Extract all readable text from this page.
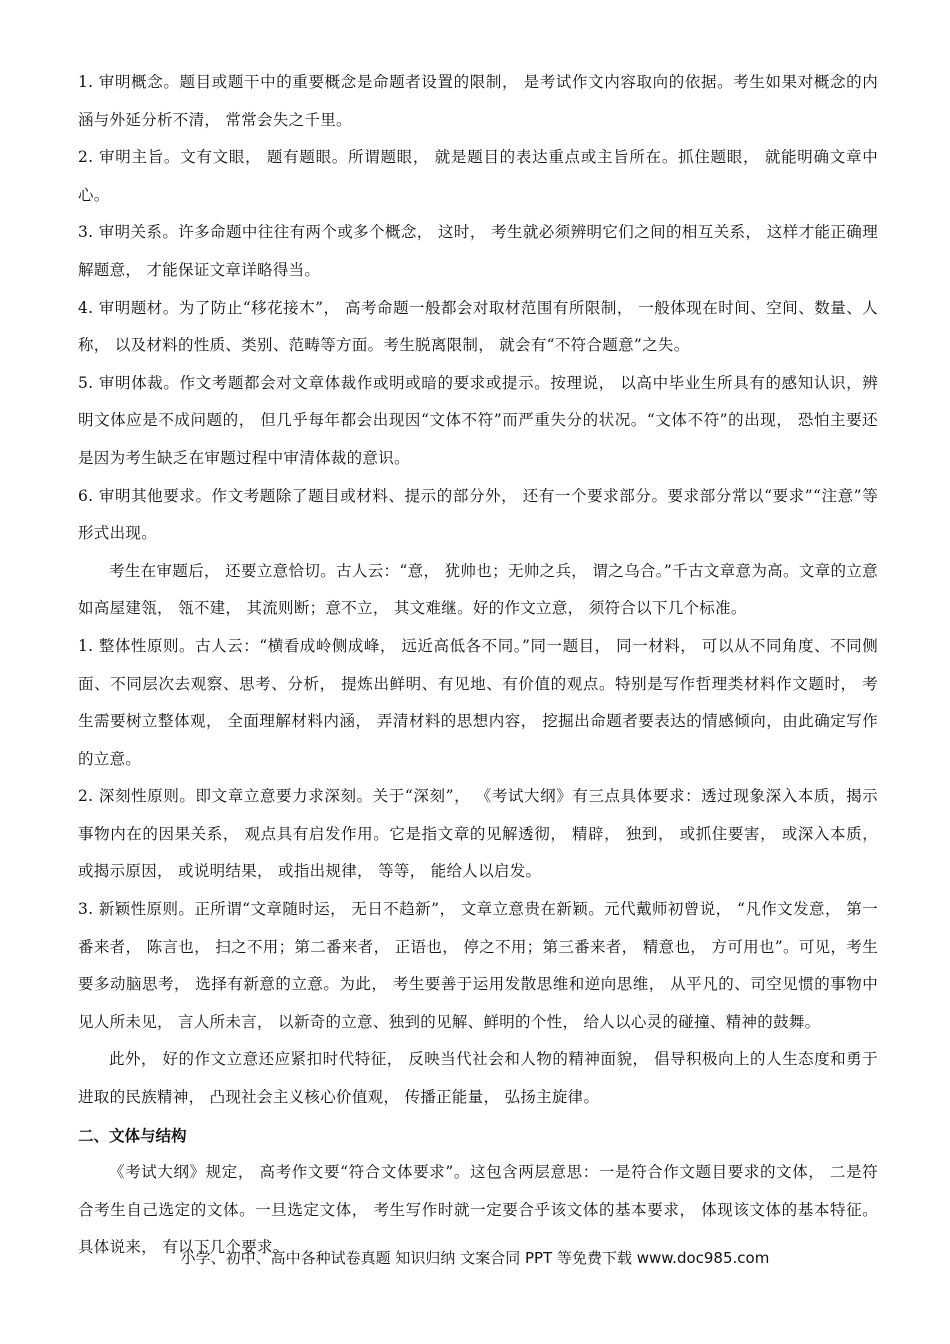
1. 审明概念。题目或题干中的重要概念是命题者设置的限制， 是考试作文内容取向的依据。考生如果对概念的内涵与外延分析不清， 常常会失之千里。

2. 审明主旨。文有文眼， 题有题眼。所谓题眼， 就是题目的表达重点或主旨所在。抓住题眼， 就能明确文章中心。

3. 审明关系。许多命题中往往有两个或多个概念， 这时， 考生就必须辨明它们之间的相互关系， 这样才能正确理解题意， 才能保证文章详略得当。

4. 审明题材。为了防止“移花接木”， 高考命题一般都会对取材范围有所限制， 一般体现在时间、空间、数量、人称， 以及材料的性质、类别、范畴等方面。考生脱离限制， 就会有“不符合题意”之失。

5. 审明体裁。作文考题都会对文章体裁作或明或暗的要求或提示。按理说， 以高中毕业生所具有的感知认识，辨明文体应是不成问题的， 但几乎每年都会出现因“文体不符”而严重失分的状况。“文体不符”的出现， 恐怕主要还是因为考生缺乏在审题过程中审清体裁的意识。

6. 审明其他要求。作文考题除了题目或材料、提示的部分外， 还有一个要求部分。要求部分常以“要求”“注意”等形式出现。

考生在审题后， 还要立意恰切。古人云：“意， 犹帅也；无帅之兵， 谓之乌合。”千古文章意为高。文章的立意如高屋建瓴， 瓴不建， 其流则断；意不立， 其文难继。好的作文立意， 须符合以下几个标准。

1. 整体性原则。古人云：“横看成岭侧成峰， 远近高低各不同。”同一题目， 同一材料， 可以从不同角度、不同侧面、不同层次去观察、思考、分析， 提炼出鲜明、有见地、有价值的观点。特别是写作哲理类材料作文题时， 考生需要树立整体观， 全面理解材料内涵， 弄清材料的思想内容， 挖掘出命题者要表达的情感倾向，由此确定写作的立意。

2. 深刻性原则。即文章立意要力求深刻。关于“深刻”， 《考试大纲》有三点具体要求：透过现象深入本质，揭示事物内在的因果关系， 观点具有启发作用。它是指文章的见解透彻， 精辟， 独到， 或抓住要害， 或深入本质， 或揭示原因， 或说明结果， 或指出规律， 等等， 能给人以启发。

3. 新颖性原则。正所谓“文章随时运， 无日不趋新”， 文章立意贵在新颖。元代戴师初曾说， “凡作文发意， 第一番来者， 陈言也， 扫之不用；第二番来者， 正语也， 停之不用；第三番来者， 精意也， 方可用也”。可见，考生要多动脑思考， 选择有新意的立意。为此， 考生要善于运用发散思维和逆向思维， 从平凡的、司空见惯的事物中见人所未见， 言人所未言， 以新奇的立意、独到的见解、鲜明的个性， 给人以心灵的碰撞、精神的鼓舞。

此外， 好的作文立意还应紧扣时代特征， 反映当代社会和人物的精神面貌， 倡导积极向上的人生态度和勇于进取的民族精神， 凸现社会主义核心价值观， 传播正能量， 弘扬主旋律。

二、文体与结构

《考试大纲》规定， 高考作文要“符合文体要求”。这包含两层意思：一是符合作文题目要求的文体， 二是符合考生自己选定的文体。一旦选定文体， 考生写作时就一定要合乎该文体的基本要求， 体现该文体的基本特征。具体说来， 有以下几个要求。

小学、初中、高中各种试卷真题 知识归纳 文案合同 PPT 等免费下载 www.doc985.com
